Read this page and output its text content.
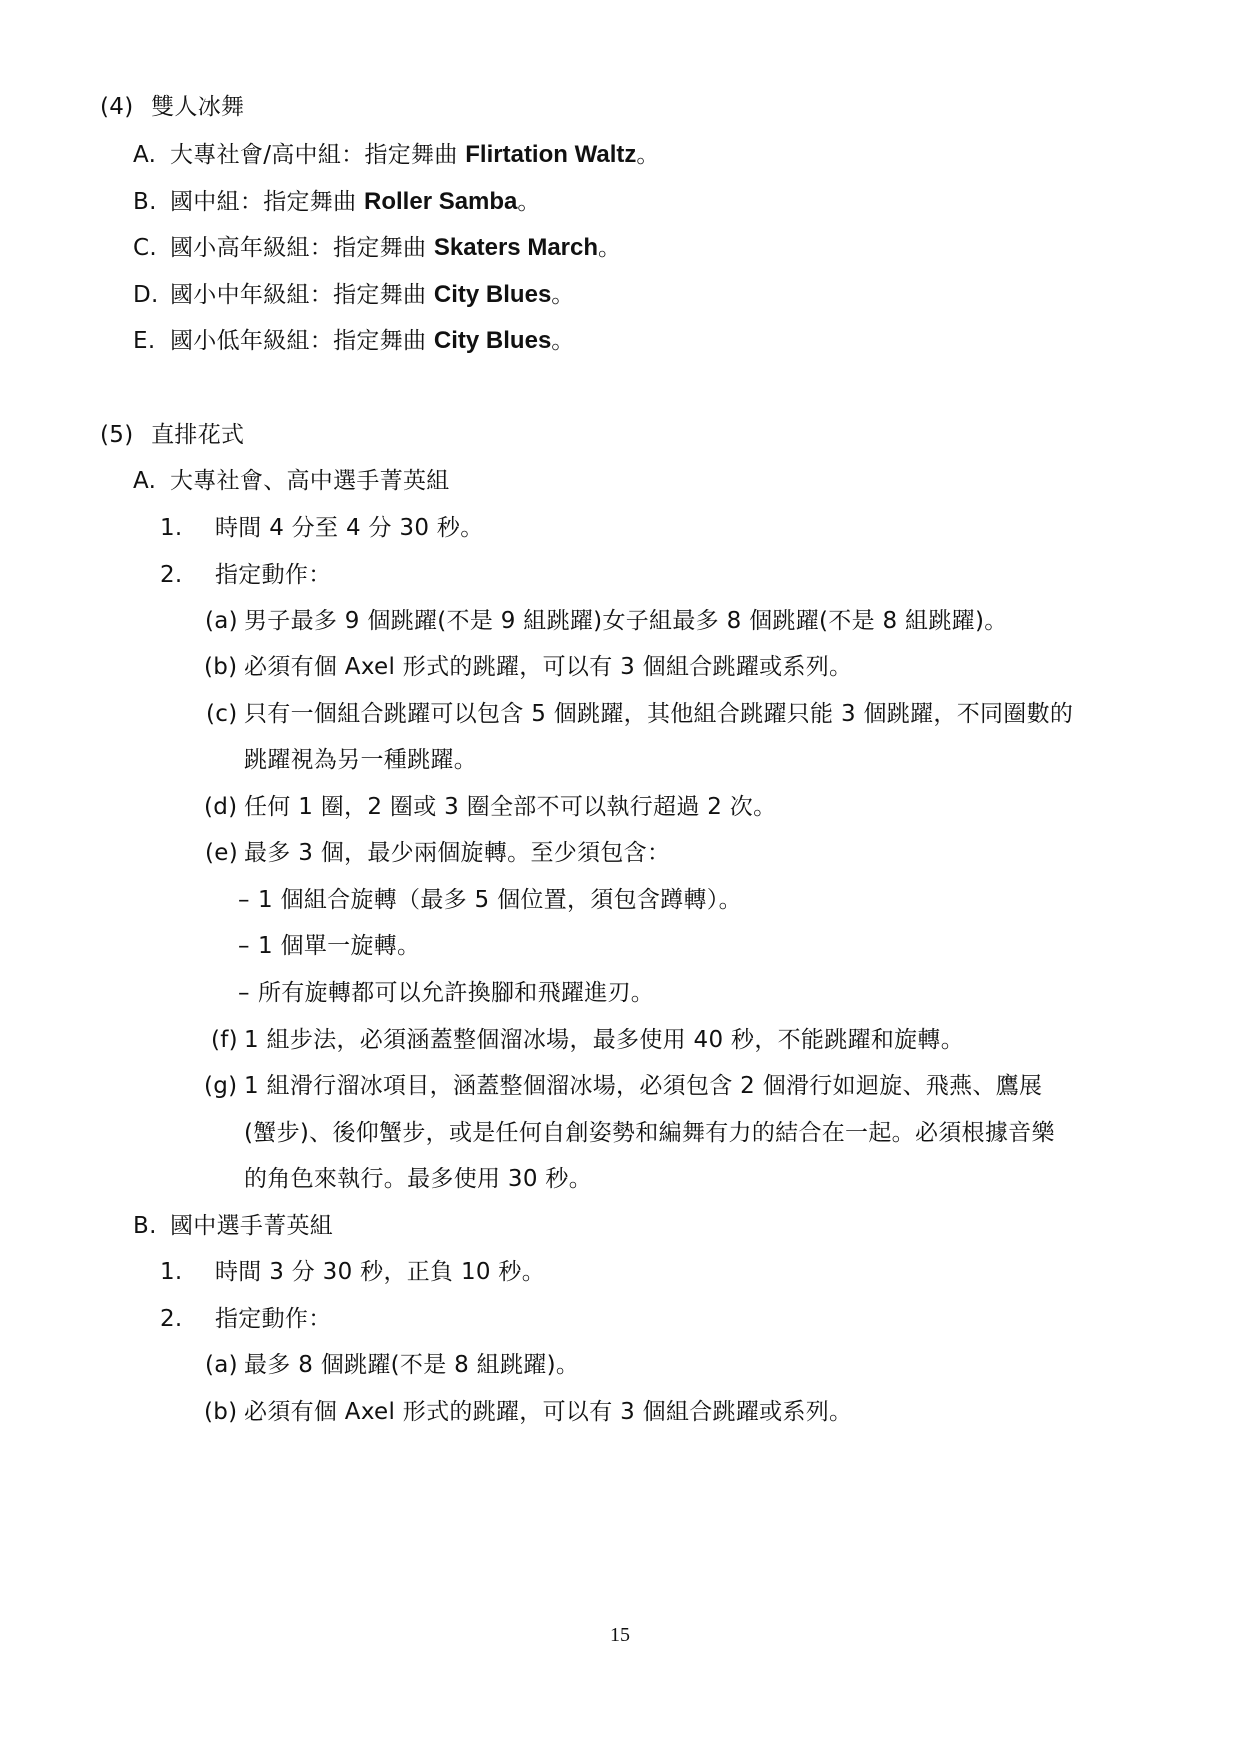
(4) 雙人冰舞
A. 大專社會/高中組：指定舞曲 Flirtation Waltz。
B. 國中組：指定舞曲 Roller Samba。
C. 國小高年級組：指定舞曲 Skaters March。
D. 國小中年級組：指定舞曲 City Blues。
E. 國小低年級組：指定舞曲 City Blues。
(5) 直排花式
A. 大專社會、高中選手菁英組
1. 時間 4 分至 4 分 30 秒。
2. 指定動作：
(a) 男子最多 9 個跳躍(不是 9 組跳躍)女子組最多 8 個跳躍(不是 8 組跳躍)。
(b) 必須有個 Axel 形式的跳躍，可以有 3 個組合跳躍或系列。
(c) 只有一個組合跳躍可以包含 5 個跳躍，其他組合跳躍只能 3 個跳躍，不同圈數的
跳躍視為另一種跳躍。
(d) 任何 1 圈，2 圈或 3 圈全部不可以執行超過 2 次。
(e) 最多 3 個，最少兩個旋轉。至少須包含：
– 1 個組合旋轉（最多 5 個位置，須包含蹲轉）。
– 1 個單一旋轉。
– 所有旋轉都可以允許換腳和飛躍進刃。
(f) 1 組步法，必須涵蓋整個溜冰場，最多使用 40 秒，不能跳躍和旋轉。
(g) 1 組滑行溜冰項目，涵蓋整個溜冰場，必須包含 2 個滑行如迴旋、飛燕、鷹展
(蟹步)、後仰蟹步，或是任何自創姿勢和編舞有力的結合在一起。必須根據音樂
的角色來執行。最多使用 30 秒。
B. 國中選手菁英組
1. 時間 3 分 30 秒，正負 10 秒。
2. 指定動作：
(a) 最多 8 個跳躍(不是 8 組跳躍)。
(b) 必須有個 Axel 形式的跳躍，可以有 3 個組合跳躍或系列。
15
